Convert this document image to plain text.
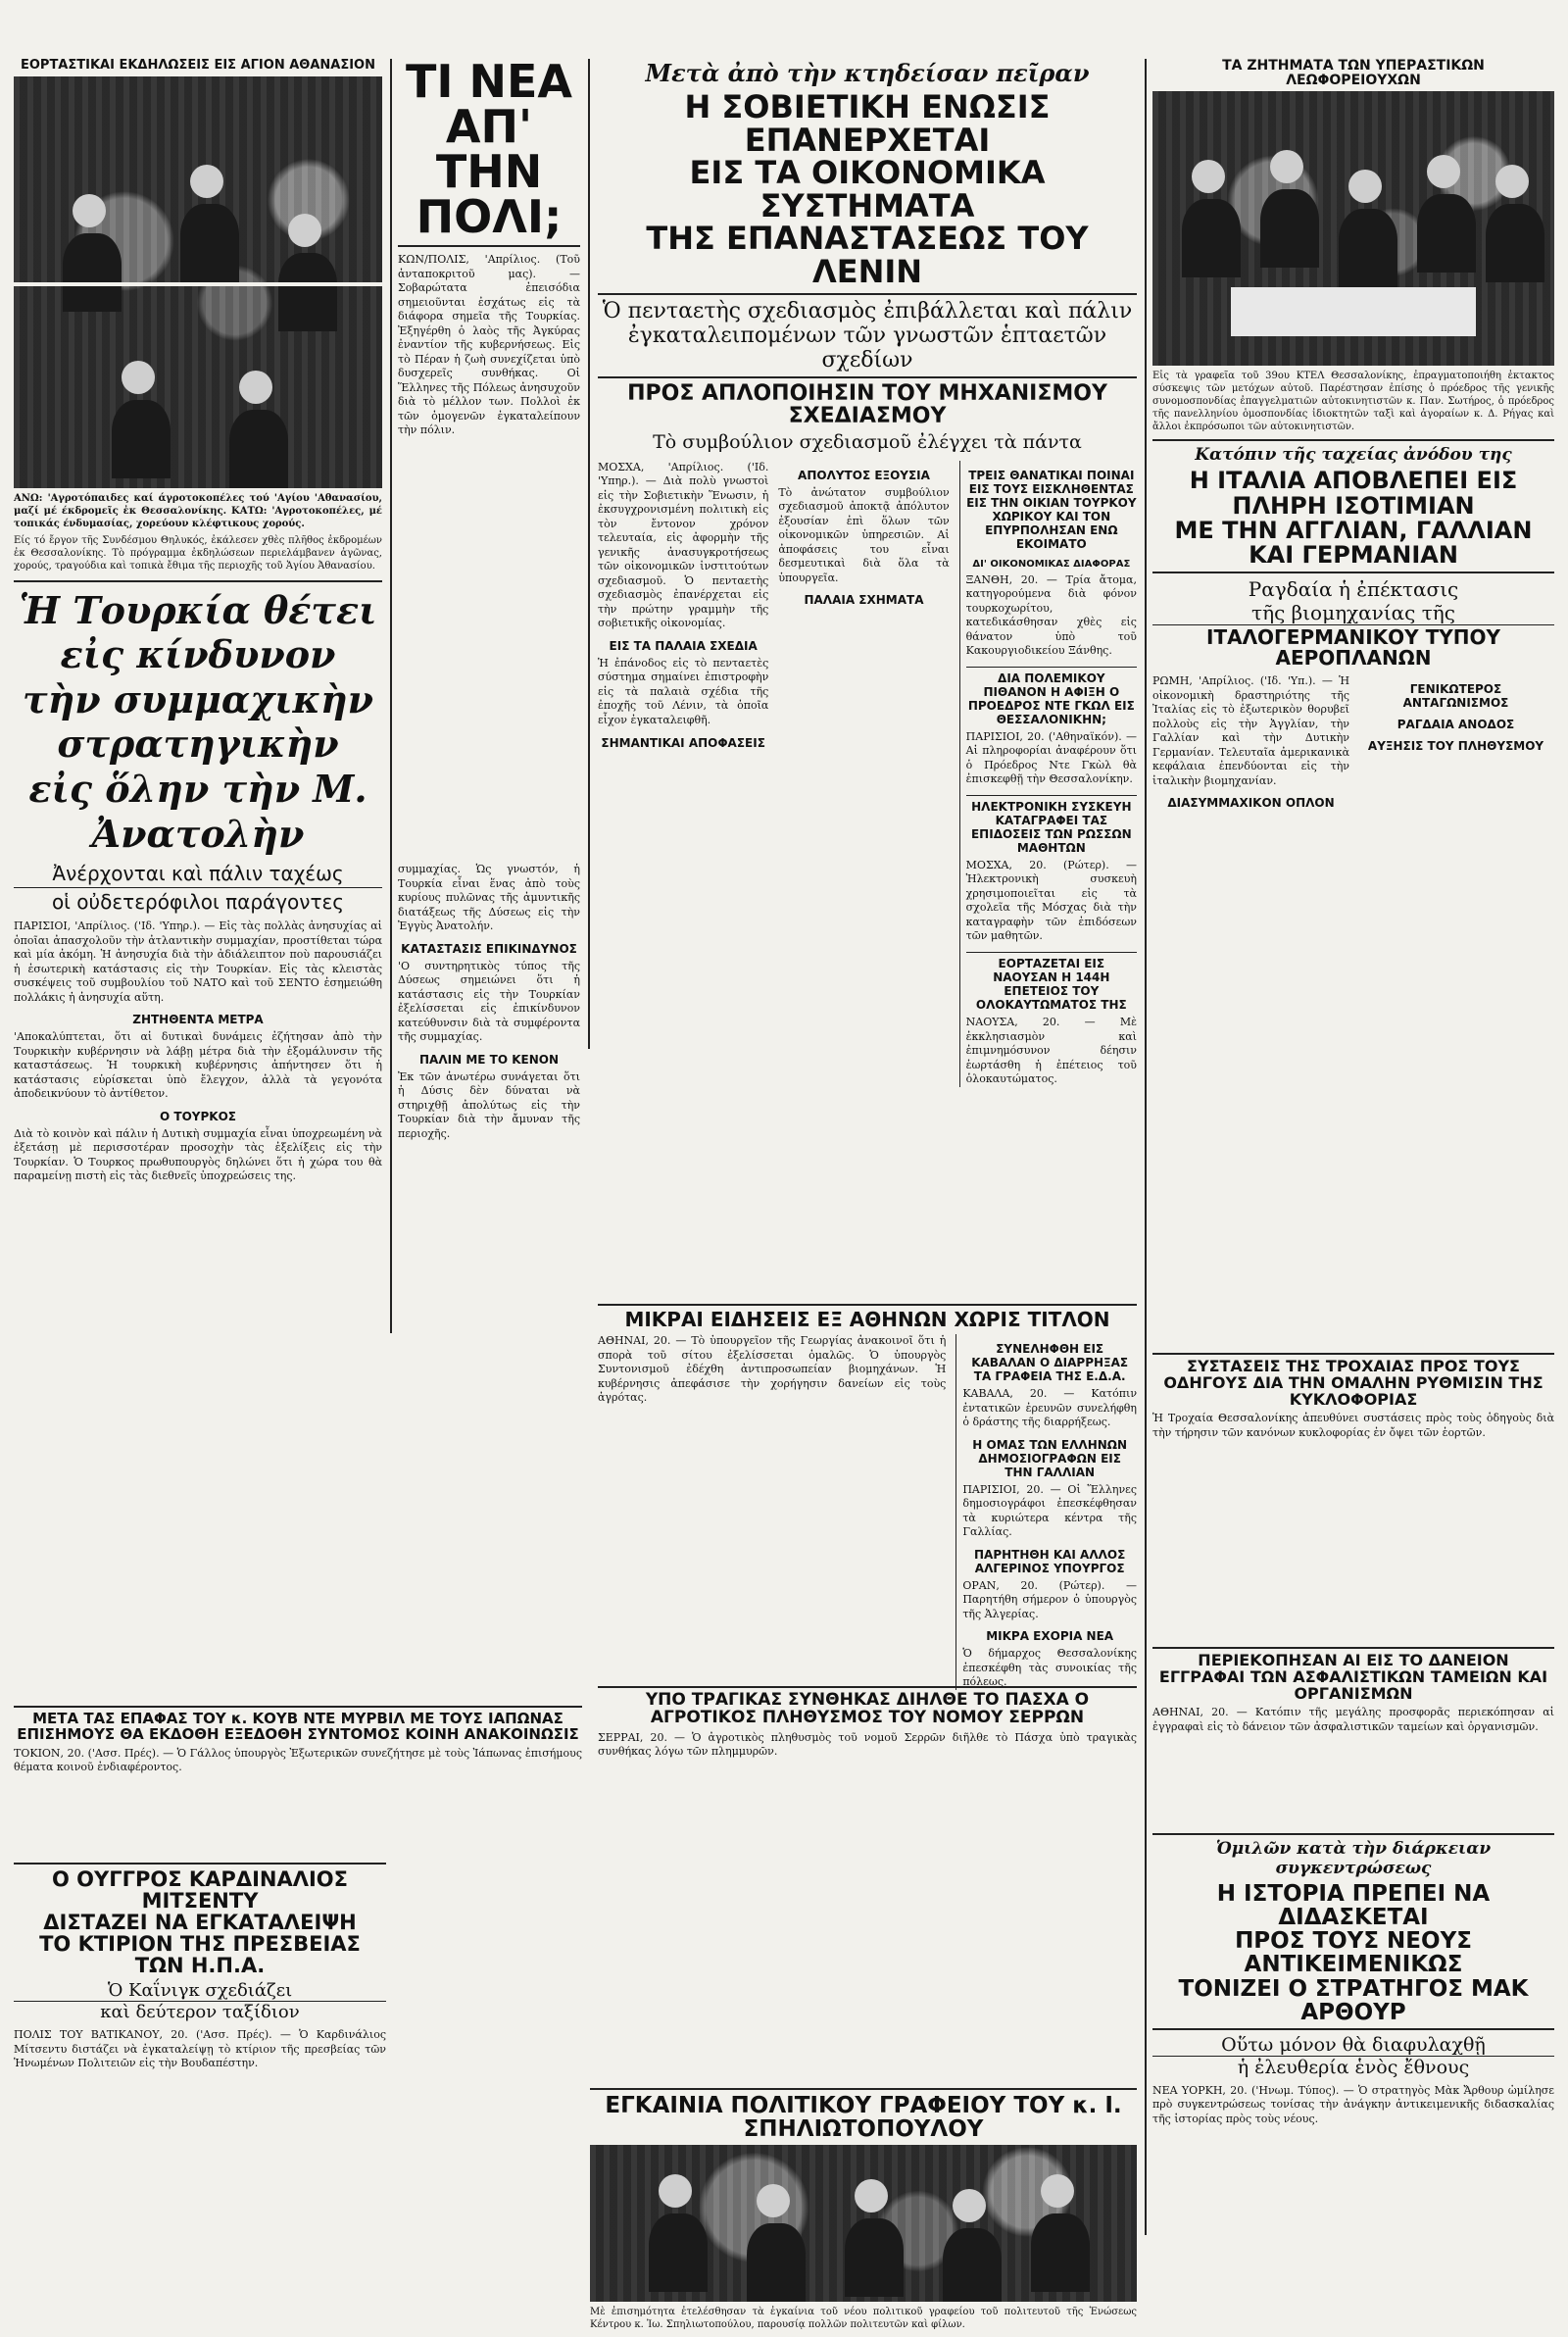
ΕΟΡΤΑΣΤΙΚΑΙ ΕΚΔΗΛΩΣΕΙΣ ΕΙΣ ΑΓΙΟΝ ΑΘΑΝΑΣΙΟΝ

ΑΝΩ: 'Αγροτόπαιδες καί άγροτοκοπέλες τού 'Αγίου 'Αθανασίου, μαζί μέ έκδρομεῖς ἐκ Θεσσαλονίκης. ΚΑΤΩ: 'Αγροτοκοπέλες, μέ τοπικάς ένδυμασίας, χορεύουν κλέφτικους χορούς.

Είς τό ἔργον τῆς Συνδέσμου Θηλυκός, ἐκάλεσεν χθὲς πλῆθος ἐκδρομέων ἐκ Θεσσαλονίκης. Τὸ πρόγραμμα ἐκδηλώσεων περιελάμβανεν ἀγῶνας, χορούς, τραγούδια καὶ τοπικὰ ἔθιμα τῆς περιοχῆς τοῦ Ἁγίου Ἀθανασίου.

Ἡ Τουρκία θέτει εἰς κίνδυνον
τὴν συμμαχικὴν στρατηγικὴν
εἰς ὅλην τὴν Μ. Ἀνατολὴν
Ἀνέρχονται καὶ πάλιν ταχέως
οἱ οὐδετερόφιλοι παράγοντες

ΠΑΡΙΣΙΟΙ, 'Απρίλιος. ('Ιδ. 'Υπηρ.). — Εἰς τὰς πολλὰς ἀνησυχίας αἱ ὁποῖαι ἀπασχολοῦν τὴν ἀτλαντικὴν συμμαχίαν, προστίθεται τώρα καὶ μία ἀκόμη. Ἡ ἀνησυχία διὰ τὴν ἀδιάλειπτον ποὺ παρουσιάζει ἡ ἐσωτερικὴ κατάστασις εἰς τὴν Τουρκίαν. Εἰς τὰς κλειστὰς συσκέψεις τοῦ συμβουλίου τοῦ ΝΑΤΟ καὶ τοῦ ΣΕΝΤΟ ἐσημειώθη πολλάκις ἡ ἀνησυχία αὕτη.

ΖΗΤΗΘΕΝΤΑ ΜΕΤΡΑ

'Αποκαλύπτεται, ὅτι αἱ δυτικαὶ δυνάμεις ἐζήτησαν ἀπὸ τὴν Τουρκικὴν κυβέρνησιν νὰ λάβῃ μέτρα διὰ τὴν ἐξομάλυνσιν τῆς καταστάσεως. Ἡ τουρκικὴ κυβέρνησις ἀπήντησεν ὅτι ἡ κατάστασις εὑρίσκεται ὑπὸ ἔλεγχον, ἀλλὰ τὰ γεγονότα ἀποδεικνύουν τὸ ἀντίθετον.

Ο ΤΟΥΡΚΟΣ

Διὰ τὸ κοινὸν καὶ πάλιν ἡ Δυτικὴ συμμαχία εἶναι ὑποχρεωμένη νὰ ἐξετάσῃ μὲ περισσοτέραν προσοχὴν τὰς ἐξελίξεις εἰς τὴν Τουρκίαν. Ὁ Τουρκος πρωθυπουργὸς δηλώνει ὅτι ἡ χώρα του θὰ παραμείνῃ πιστὴ εἰς τὰς διεθνεῖς ὑποχρεώσεις της.

συμμαχίας. Ὡς γνωστόν, ἡ Τουρκία εἶναι ἕνας ἀπὸ τοὺς κυρίους πυλῶνας τῆς ἀμυντικῆς διατάξεως τῆς Δύσεως εἰς τὴν Ἐγγὺς Ἀνατολήν.

ΚΑΤΑΣΤΑΣΙΣ ΕΠΙΚΙΝΔΥΝΟΣ

'Ο συντηρητικὸς τύπος τῆς Δύσεως σημειώνει ὅτι ἡ κατάστασις εἰς τὴν Τουρκίαν ἐξελίσσεται εἰς ἐπικίνδυνον κατεύθυνσιν διὰ τὰ συμφέροντα τῆς συμμαχίας.

ΠΑΛΙΝ ΜΕ ΤΟ ΚΕΝΟΝ

Ἐκ τῶν ἀνωτέρω συνάγεται ὅτι ἡ Δύσις δὲν δύναται νὰ στηριχθῇ ἀπολύτως εἰς τὴν Τουρκίαν διὰ τὴν ἄμυναν τῆς περιοχῆς.

ΤΙ ΝΕΑ ΑΠ' ΤΗΝ ΠΟΛΙ;

ΚΩΝ/ΠΟΛΙΣ, 'Απρίλιος. (Τοῦ ἀνταποκριτοῦ μας). — Σοβαρώτατα ἐπεισόδια σημειοῦνται ἐσχάτως εἰς τὰ διάφορα σημεῖα τῆς Τουρκίας. Ἐξηγέρθη ὁ λαὸς τῆς Ἀγκύρας ἐναντίον τῆς κυβερνήσεως. Εἰς τὸ Πέραν ἡ ζωὴ συνεχίζεται ὑπὸ δυσχερεῖς συνθήκας. Οἱ Ἕλληνες τῆς Πόλεως ἀνησυχοῦν διὰ τὸ μέλλον των. Πολλοὶ ἐκ τῶν ὁμογενῶν ἐγκαταλείπουν τὴν πόλιν.

Μετὰ ἀπὸ τὴν κτηδείσαν πεῖραν
Η ΣΟΒΙΕΤΙΚΗ ΕΝΩΣΙΣ ΕΠΑΝΕΡΧΕΤΑΙ
ΕΙΣ ΤΑ ΟΙΚΟΝΟΜΙΚΑ ΣΥΣΤΗΜΑΤΑ
ΤΗΣ ΕΠΑΝΑΣΤΑΣΕΩΣ ΤΟΥ ΛΕΝΙΝ
Ὁ πενταετὴς σχεδιασμὸς ἐπιβάλλεται καὶ πάλιν
ἐγκαταλειπομένων τῶν γνωστῶν ἑπταετῶν σχεδίων
ΠΡΟΣ ΑΠΛΟΠΟΙΗΣΙΝ ΤΟΥ ΜΗΧΑΝΙΣΜΟΥ ΣΧΕΔΙΑΣΜΟΥ
Τὸ συμβούλιον σχεδιασμοῦ ἐλέγχει τὰ πάντα

ΜΟΣΧΑ, 'Απρίλιος. ('Ιδ. 'Υπηρ.). — Διὰ πολὺ γνωστοὶ εἰς τὴν Σοβιετικὴν Ἕνωσιν, ἡ ἐκσυγχρονισμένη πολιτικὴ εἰς τὸν ἔντονον χρόνον τελευταία, εἰς ἀφορμὴν τῆς γενικῆς ἀνασυγκροτήσεως τῶν οἰκονομικῶν ἰνστιτούτων σχεδιασμοῦ. Ὁ πενταετὴς σχεδιασμὸς ἐπανέρχεται εἰς τὴν πρώτην γραμμὴν τῆς σοβιετικῆς οἰκονομίας.

ΕΙΣ ΤΑ ΠΑΛΑΙΑ ΣΧΕΔΙΑ

Ἡ ἐπάνοδος εἰς τὸ πενταετὲς σύστημα σημαίνει ἐπιστροφὴν εἰς τὰ παλαιὰ σχέδια τῆς ἐποχῆς τοῦ Λένιν, τὰ ὁποῖα εἶχον ἐγκαταλειφθῆ.

ΣΗΜΑΝΤΙΚΑΙ ΑΠΟΦΑΣΕΙΣ
ΑΠΟΛΥΤΟΣ ΕΞΟΥΣΙΑ

Τὸ ἀνώτατον συμβούλιον σχεδιασμοῦ ἀποκτᾷ ἀπόλυτον ἐξουσίαν ἐπὶ ὅλων τῶν οἰκονομικῶν ὑπηρεσιῶν. Αἱ ἀποφάσεις του εἶναι δεσμευτικαὶ διὰ ὅλα τὰ ὑπουργεῖα.

ΠΑΛΑΙΑ ΣΧΗΜΑΤΑ
ΤΡΕΙΣ ΘΑΝΑΤΙΚΑΙ ΠΟΙΝΑΙ ΕΙΣ ΤΟΥΣ ΕΙΣΚΛΗΘΕΝΤΑΣ ΕΙΣ ΤΗΝ ΟΙΚΙΑΝ ΤΟΥΡΚΟΥ ΧΩΡΙΚΟΥ ΚΑΙ ΤΟΝ ΕΠΥΡΠΟΛΗΣΑΝ ΕΝΩ ΕΚΟΙΜΑΤΟ
ΔΙ' ΟΙΚΟΝΟΜΙΚΑΣ ΔΙΑΦΟΡΑΣ

ΞΑΝΘΗ, 20. — Τρία ἄτομα, κατηγορούμενα διὰ φόνον τουρκοχωρίτου, κατεδικάσθησαν χθὲς εἰς θάνατον ὑπὸ τοῦ Κακουργιοδικείου Ξάνθης.

ΔΙΑ ΠΟΛΕΜΙΚΟΥ ΠΙΘΑΝΟΝ Η ΑΦΙΞΗ Ο ΠΡΟΕΔΡΟΣ ΝΤΕ ΓΚΩΛ ΕΙΣ ΘΕΣΣΑΛΟΝΙΚΗΝ;

ΠΑΡΙΣΙΟΙ, 20. ('Αθηναϊκόν). — Αἱ πληροφορίαι ἀναφέρουν ὅτι ὁ Πρόεδρος Ντε Γκὼλ θὰ ἐπισκεφθῇ τὴν Θεσσαλονίκην.

ΗΛΕΚΤΡΟΝΙΚΗ ΣΥΣΚΕΥΗ ΚΑΤΑΓΡΑΦΕΙ ΤΑΣ ΕΠΙΔΟΣΕΙΣ ΤΩΝ ΡΩΣΣΩΝ ΜΑΘΗΤΩΝ

ΜΟΣΧΑ, 20. (Ρώτερ). — Ἡλεκτρονικὴ συσκευὴ χρησιμοποιεῖται εἰς τὰ σχολεῖα τῆς Μόσχας διὰ τὴν καταγραφὴν τῶν ἐπιδόσεων τῶν μαθητῶν.

ΕΟΡΤΑΖΕΤΑΙ ΕΙΣ ΝΑΟΥΣΑΝ Η 144Η ΕΠΕΤΕΙΟΣ ΤΟΥ ΟΛΟΚΑΥΤΩΜΑΤΟΣ ΤΗΣ

ΝΑΟΥΣΑ, 20. — Μὲ ἐκκλησιασμὸν καὶ ἐπιμνημόσυνον δέησιν ἑωρτάσθη ἡ ἐπέτειος τοῦ ὁλοκαυτώματος.

ΜΙΚΡΑΙ ΕΙΔΗΣΕΙΣ ΕΞ ΑΘΗΝΩΝ ΧΩΡΙΣ ΤΙΤΛΟΝ

ΑΘΗΝΑΙ, 20. — Τὸ ὑπουργεῖον τῆς Γεωργίας ἀνακοινοῖ ὅτι ἡ σπορὰ τοῦ σίτου ἐξελίσσεται ὁμαλῶς. Ὁ ὑπουργὸς Συντονισμοῦ ἐδέχθη ἀντιπροσωπείαν βιομηχάνων. Ἡ κυβέρνησις ἀπεφάσισε τὴν χορήγησιν δανείων εἰς τοὺς ἀγρότας.

ΣΥΝΕΛΗΦΘΗ ΕΙΣ ΚΑΒΑΛΑΝ Ο ΔΙΑΡΡΗΞΑΣ ΤΑ ΓΡΑΦΕΙΑ ΤΗΣ Ε.Δ.Α.

ΚΑΒΑΛΑ, 20. — Κατόπιν ἐντατικῶν ἐρευνῶν συνελήφθη ὁ δράστης τῆς διαρρήξεως.

Η ΟΜΑΣ ΤΩΝ ΕΛΛΗΝΩΝ ΔΗΜΟΣΙΟΓΡΑΦΩΝ ΕΙΣ ΤΗΝ ΓΑΛΛΙΑΝ

ΠΑΡΙΣΙΟΙ, 20. — Οἱ Ἕλληνες δημοσιογράφοι ἐπεσκέφθησαν τὰ κυριώτερα κέντρα τῆς Γαλλίας.

ΠΑΡΗΤΗΘΗ ΚΑΙ ΑΛΛΟΣ ΑΛΓΕΡΙΝΟΣ ΥΠΟΥΡΓΟΣ

ΟΡΑΝ, 20. (Ρώτερ). — Παρητήθη σήμερον ὁ ὑπουργὸς τῆς Ἀλγερίας.

ΜΙΚΡΑ ΕΧΟΡΙΑ ΝΕΑ

Ὁ δήμαρχος Θεσσαλονίκης ἐπεσκέφθη τὰς συνοικίας τῆς πόλεως.

ΥΠΟ ΤΡΑΓΙΚΑΣ ΣΥΝΘΗΚΑΣ ΔΙΗΛΘΕ ΤΟ ΠΑΣΧΑ Ο ΑΓΡΟΤΙΚΟΣ ΠΛΗΘΥΣΜΟΣ ΤΟΥ ΝΟΜΟΥ ΣΕΡΡΩΝ

ΣΕΡΡΑΙ, 20. — Ὁ ἀγροτικὸς πληθυσμὸς τοῦ νομοῦ Σερρῶν διῆλθε τὸ Πάσχα ὑπὸ τραγικὰς συνθήκας λόγω τῶν πλημμυρῶν.

ΜΕΤΑ ΤΑΣ ΕΠΑΦΑΣ ΤΟΥ κ. ΚΟΥΒ ΝΤΕ ΜΥΡΒΙΛ ΜΕ ΤΟΥΣ ΙΑΠΩΝΑΣ ΕΠΙΣΗΜΟΥΣ ΘΑ ΕΚΔΟΘΗ ΕΞΕΔΟΘΗ ΣΥΝΤΟΜΟΣ ΚΟΙΝΗ ΑΝΑΚΟΙΝΩΣΙΣ

ΤΟΚΙΟΝ, 20. ('Ασσ. Πρές). — Ὁ Γάλλος ὑπουργὸς Ἐξωτερικῶν συνεζήτησε μὲ τοὺς Ἰάπωνας ἐπισήμους θέματα κοινοῦ ἐνδιαφέροντος.

Ο ΟΥΓΓΡΟΣ ΚΑΡΔΙΝΑΛΙΟΣ ΜΙΤΣΕΝΤΥ
ΔΙΣΤΑΖΕΙ ΝΑ ΕΓΚΑΤΑΛΕΙΨΗ
ΤΟ ΚΤΙΡΙΟΝ ΤΗΣ ΠΡΕΣΒΕΙΑΣ ΤΩΝ Η.Π.Α.
Ὁ Καΐνιγκ σχεδιάζει
καὶ δεύτερον ταξίδιον

ΠΟΛΙΣ ΤΟΥ ΒΑΤΙΚΑΝΟΥ, 20. ('Ασσ. Πρές). — Ὁ Καρδινάλιος Μίτσεντυ διστάζει νὰ ἐγκαταλείψῃ τὸ κτίριον τῆς πρεσβείας τῶν Ἡνωμένων Πολιτειῶν εἰς τὴν Βουδαπέστην.

ΕΓΚΑΙΝΙΑ ΠΟΛΙΤΙΚΟΥ ΓΡΑΦΕΙΟΥ ΤΟΥ κ. Ι. ΣΠΗΛΙΩΤΟΠΟΥΛΟΥ

Μὲ ἐπισημότητα ἐτελέσθησαν τὰ ἐγκαίνια τοῦ νέου πολιτικοῦ γραφείου τοῦ πολιτευτοῦ τῆς Ἑνώσεως Κέντρου κ. Ἰω. Σπηλιωτοπούλου, παρουσίᾳ πολλῶν πολιτευτῶν καὶ φίλων.

ΤΑ ΖΗΤΗΜΑΤΑ ΤΩΝ ΥΠΕΡΑΣΤΙΚΩΝ ΛΕΩΦΟΡΕΙΟΥΧΩΝ

Εἰς τὰ γραφεῖα τοῦ 39ου ΚΤΕΛ Θεσσαλονίκης, ἐπραγματοποιήθη ἐκτακτος σύσκεψις τῶν μετόχων αὐτοῦ. Παρέστησαν ἐπίσης ὁ πρόεδρος τῆς γενικῆς συνομοσπονδίας ἐπαγγελματιῶν αὐτοκινητιστῶν κ. Παν. Σωτήρος, ὁ πρόεδρος τῆς πανελληνίου ὁμοσπονδίας ἰδιοκτητῶν ταξὶ καὶ ἀγοραίων κ. Δ. Ρήγας καὶ ἄλλοι ἐκπρόσωποι τῶν αὐτοκινητιστῶν.

Κατόπιν τῆς ταχείας ἀνόδου της
Η ΙΤΑΛΙΑ ΑΠΟΒΛΕΠΕΙ ΕΙΣ ΠΛΗΡΗ ΙΣΟΤΙΜΙΑΝ
ΜΕ ΤΗΝ ΑΓΓΛΙΑΝ, ΓΑΛΛΙΑΝ ΚΑΙ ΓΕΡΜΑΝΙΑΝ
Ραγδαία ἡ ἐπέκτασις
τῆς βιομηχανίας τῆς
ΙΤΑΛΟΓΕΡΜΑΝΙΚΟΥ ΤΥΠΟΥ ΑΕΡΟΠΛΑΝΩΝ

ΡΩΜΗ, 'Απρίλιος. ('Ιδ. 'Υπ.). — Ἡ οἰκονομικὴ δραστηριότης τῆς Ἰταλίας εἰς τὸ ἐξωτερικὸν θορυβεῖ πολλοὺς εἰς τὴν Ἀγγλίαν, τὴν Γαλλίαν καὶ τὴν Δυτικὴν Γερμανίαν. Τελευταῖα ἀμερικανικὰ κεφάλαια ἐπενδύονται εἰς τὴν ἰταλικὴν βιομηχανίαν.

ΔΙΑΣΥΜΜΑΧΙΚΟΝ ΟΠΛΟΝ
ΓΕΝΙΚΩΤΕΡΟΣ ΑΝΤΑΓΩΝΙΣΜΟΣ
ΡΑΓΔΑΙΑ ΑΝΟΔΟΣ
ΑΥΞΗΣΙΣ ΤΟΥ ΠΛΗΘΥΣΜΟΥ
ΣΥΣΤΑΣΕΙΣ ΤΗΣ ΤΡΟΧΑΙΑΣ ΠΡΟΣ ΤΟΥΣ ΟΔΗΓΟΥΣ ΔΙΑ ΤΗΝ ΟΜΑΛΗΝ ΡΥΘΜΙΣΙΝ ΤΗΣ ΚΥΚΛΟΦΟΡΙΑΣ

Ἡ Τροχαία Θεσσαλονίκης ἀπευθύνει συστάσεις πρὸς τοὺς ὁδηγοὺς διὰ τὴν τήρησιν τῶν κανόνων κυκλοφορίας ἐν ὄψει τῶν ἑορτῶν.

ΠΕΡΙΕΚΟΠΗΣΑΝ ΑΙ ΕΙΣ ΤΟ ΔΑΝΕΙΟΝ ΕΓΓΡΑΦΑΙ ΤΩΝ ΑΣΦΑΛΙΣΤΙΚΩΝ ΤΑΜΕΙΩΝ ΚΑΙ ΟΡΓΑΝΙΣΜΩΝ

ΑΘΗΝΑΙ, 20. — Κατόπιν τῆς μεγάλης προσφορᾶς περιεκόπησαν αἱ ἐγγραφαὶ εἰς τὸ δάνειον τῶν ἀσφαλιστικῶν ταμείων καὶ ὀργανισμῶν.

Ὁμιλῶν κατὰ τὴν διάρκειαν συγκεντρώσεως
Η ΙΣΤΟΡΙΑ ΠΡΕΠΕΙ ΝΑ ΔΙΔΑΣΚΕΤΑΙ
ΠΡΟΣ ΤΟΥΣ ΝΕΟΥΣ ΑΝΤΙΚΕΙΜΕΝΙΚΩΣ
ΤΟΝΙΖΕΙ Ο ΣΤΡΑΤΗΓΟΣ ΜΑΚ ΑΡΘΟΥΡ
Οὕτω μόνον θὰ διαφυλαχθῇ
ἡ ἐλευθερία ἑνὸς ἔθνους

ΝΕΑ ΥΟΡΚΗ, 20. ('Ηνωμ. Τύπος). — Ὁ στρατηγὸς Μὰκ Ἄρθουρ ὡμίλησε πρὸ συγκεντρώσεως τονίσας τὴν ἀνάγκην ἀντικειμενικῆς διδασκαλίας τῆς ἱστορίας πρὸς τοὺς νέους.
